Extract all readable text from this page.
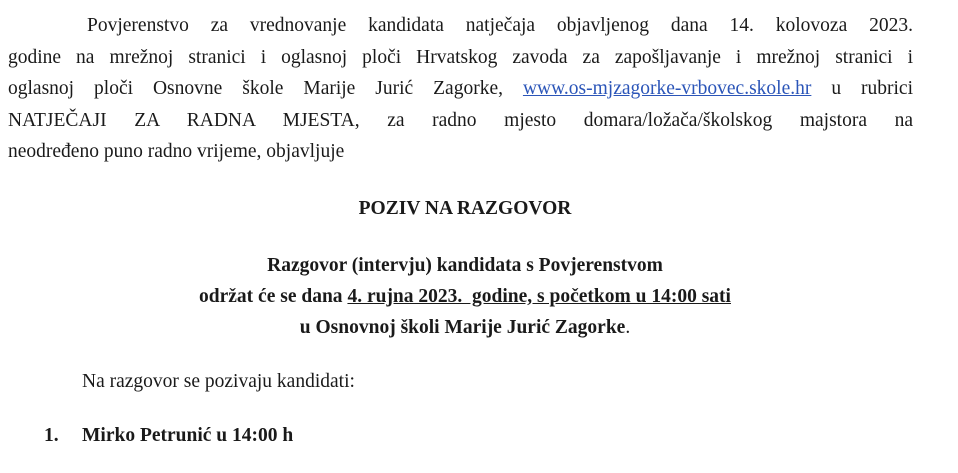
Povjerenstvo za vrednovanje kandidata natječaja objavljenog dana 14. kolovoza 2023.
godine na mrežnoj stranici i oglasnoj ploči Hrvatskog zavoda za zapošljavanje i mrežnoj stranici i
oglasnoj ploči Osnovne škole Marije Jurić Zagorke, www.os-mjzagorke-vrbovec.skole.hr u rubrici
NATJEČAJI ZA RADNA MJESTA, za radno mjesto domara/ložača/školskog majstora na
neodređeno puno radno vrijeme, objavljuje
POZIV NA RAZGOVOR
Razgovor (intervju) kandidata s Povjerenstvom
održat će se dana 4. rujna 2023.  godine, s početkom u 14:00 sati
u Osnovnoj školi Marije Jurić Zagorke.
Na razgovor se pozivaju kandidati:
1. Mirko Petrunić u 14:00 h
